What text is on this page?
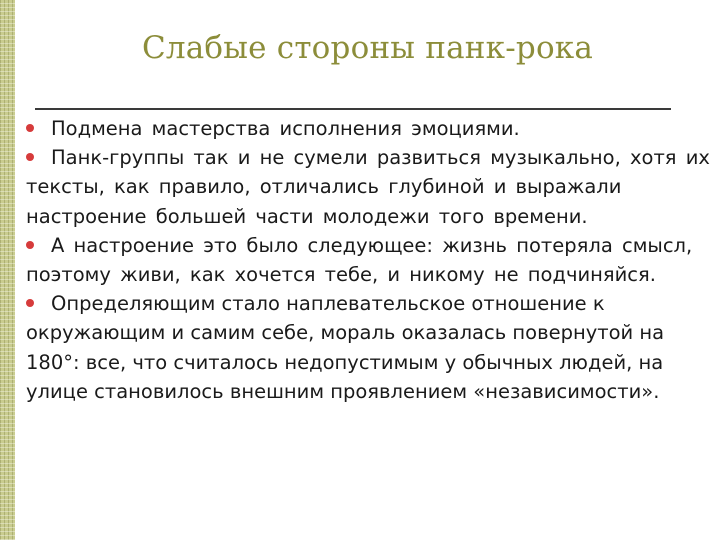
Слабые стороны панк-рока

Подмена мастерства исполнения эмоциями.

Панк-группы так и не сумели развиться музыкально, хотя их тексты, как правило, отличались глубиной и выражали настроение большей части молодежи того времени.

А настроение это было следующее: жизнь потеряла смысл, поэтому живи, как хочется тебе, и никому не подчиняйся.

Определяющим стало наплевательское отношение к окружающим и самим себе, мораль оказалась повернутой на 180°: все, что считалось недопустимым у обычных людей, на улице становилось внешним проявлением «независимости».
